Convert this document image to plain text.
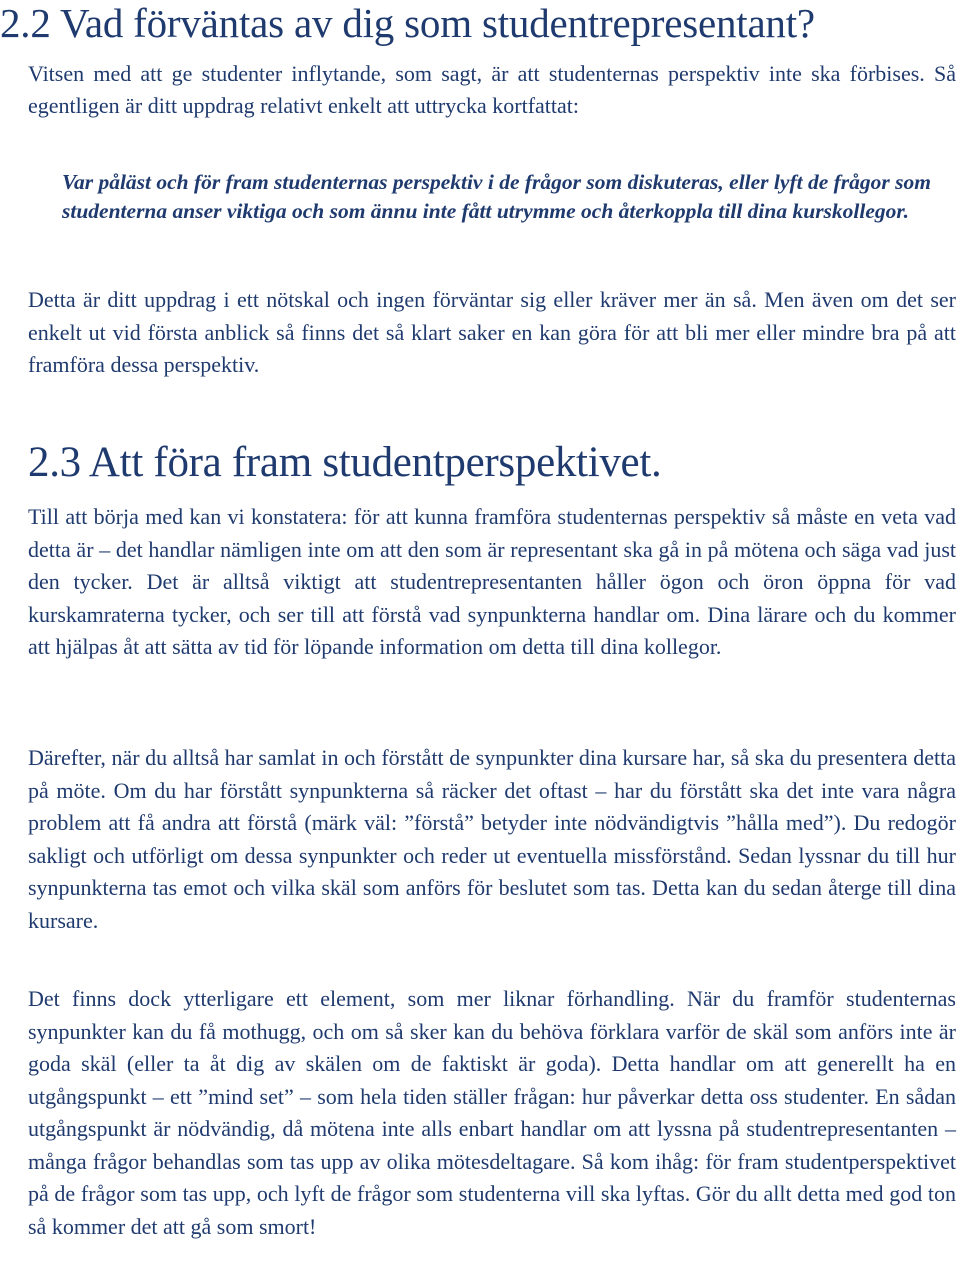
2.2 Vad förväntas av dig som studentrepresentant?

Vitsen med att ge studenter inflytande, som sagt, är att studenternas perspektiv inte ska förbises. Så egentligen är ditt uppdrag relativt enkelt att uttrycka kortfattat:

Var påläst och för fram studenternas perspektiv i de frågor som diskuteras, eller lyft de frågor som studenterna anser viktiga och som ännu inte fått utrymme och återkoppla till dina kurskollegor.

Detta är ditt uppdrag i ett nötskal och ingen förväntar sig eller kräver mer än så. Men även om det ser enkelt ut vid första anblick så finns det så klart saker en kan göra för att bli mer eller mindre bra på att framföra dessa perspektiv.

2.3 Att föra fram studentperspektivet.

Till att börja med kan vi konstatera: för att kunna framföra studenternas perspektiv så måste en veta vad detta är – det handlar nämligen inte om att den som är representant ska gå in på mötena och säga vad just den tycker. Det är alltså viktigt att studentrepresentanten håller ögon och öron öppna för vad kurskamraterna tycker, och ser till att förstå vad synpunkterna handlar om. Dina lärare och du kommer att hjälpas åt att sätta av tid för löpande information om detta till dina kollegor.

Därefter, när du alltså har samlat in och förstått de synpunkter dina kursare har, så ska du presentera detta på möte. Om du har förstått synpunkterna så räcker det oftast – har du förstått ska det inte vara några problem att få andra att förstå (märk väl: ”förstå” betyder inte nödvändigtvis ”hålla med”). Du redogör sakligt och utförligt om dessa synpunkter och reder ut eventuella missförstånd. Sedan lyssnar du till hur synpunkterna tas emot och vilka skäl som anförs för beslutet som tas. Detta kan du sedan återge till dina kursare.

Det finns dock ytterligare ett element, som mer liknar förhandling. När du framför studenternas synpunkter kan du få mothugg, och om så sker kan du behöva förklara varför de skäl som anförs inte är goda skäl (eller ta åt dig av skälen om de faktiskt är goda). Detta handlar om att generellt ha en utgångspunkt – ett ”mind set” – som hela tiden ställer frågan: hur påverkar detta oss studenter. En sådan utgångspunkt är nödvändig, då mötena inte alls enbart handlar om att lyssna på studentrepresentanten – många frågor behandlas som tas upp av olika mötesdeltagare. Så kom ihåg: för fram studentperspektivet på de frågor som tas upp, och lyft de frågor som studenterna vill ska lyftas. Gör du allt detta med god ton så kommer det att gå som smort!
